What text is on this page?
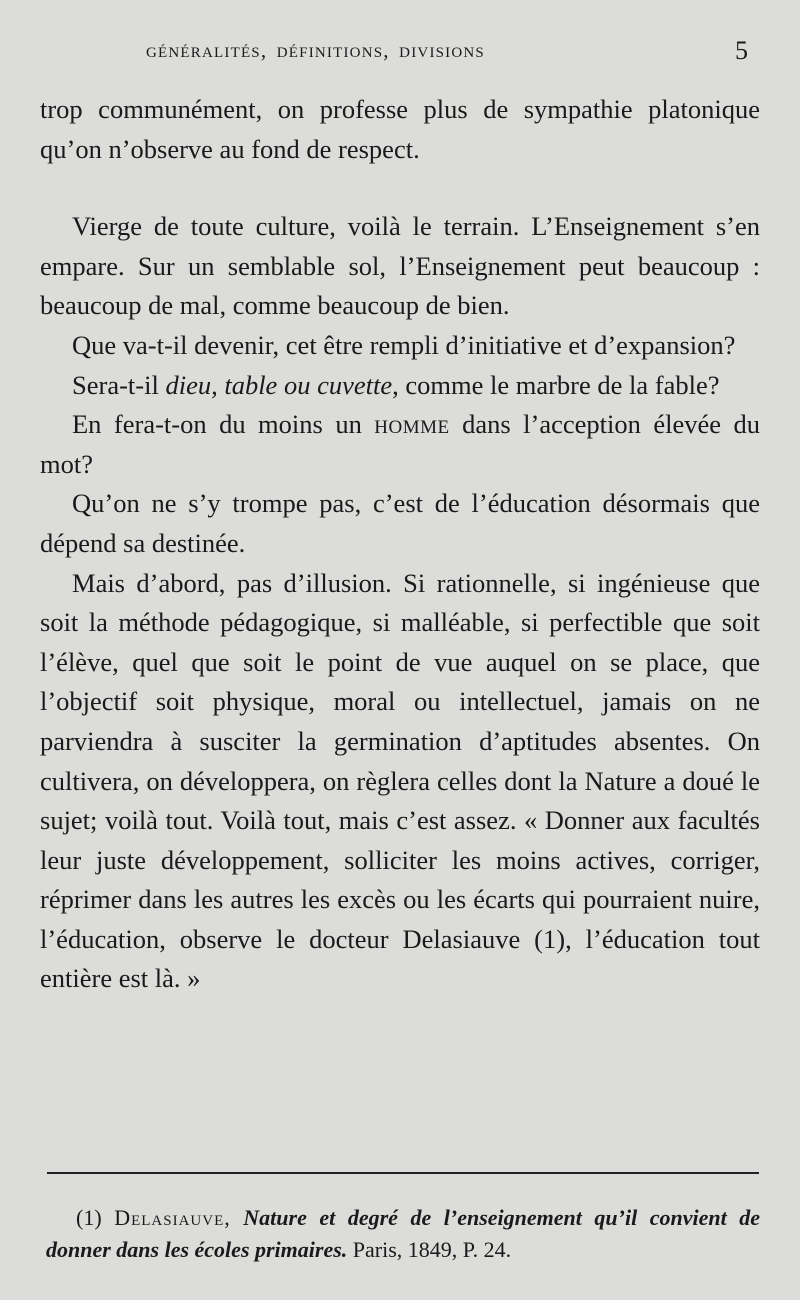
généralités, définitions, divisions	5

trop communément, on professe plus de sympathie platonique qu’on n’observe au fond de respect.

Vierge de toute culture, voilà le terrain. L’Enseignement s’en empare. Sur un semblable sol, l’Enseignement peut beaucoup : beaucoup de mal, comme beaucoup de bien.

Que va-t-il devenir, cet être rempli d’initiative et d’expansion?

Sera-t-il dieu, table ou cuvette, comme le marbre de la fable?

En fera-t-on du moins un homme dans l’acception élevée du mot?

Qu’on ne s’y trompe pas, c’est de l’éducation désormais que dépend sa destinée.

Mais d’abord, pas d’illusion. Si rationnelle, si ingénieuse que soit la méthode pédagogique, si malléable, si perfectible que soit l’élève, quel que soit le point de vue auquel on se place, que l’objectif soit physique, moral ou intellectuel, jamais on ne parviendra à susciter la germination d’aptitudes absentes. On cultivera, on développera, on règlera celles dont la Nature a doué le sujet; voilà tout. Voilà tout, mais c’est assez. « Donner aux facultés leur juste développement, solliciter les moins actives, corriger, réprimer dans les autres les excès ou les écarts qui pourraient nuire, l’éducation, observe le docteur Delasiauve (1), l’éducation tout entière est là. »

(1) Delasiauve, Nature et degré de l’enseignement qu’il convient de donner dans les écoles primaires. Paris, 1849, P. 24.
